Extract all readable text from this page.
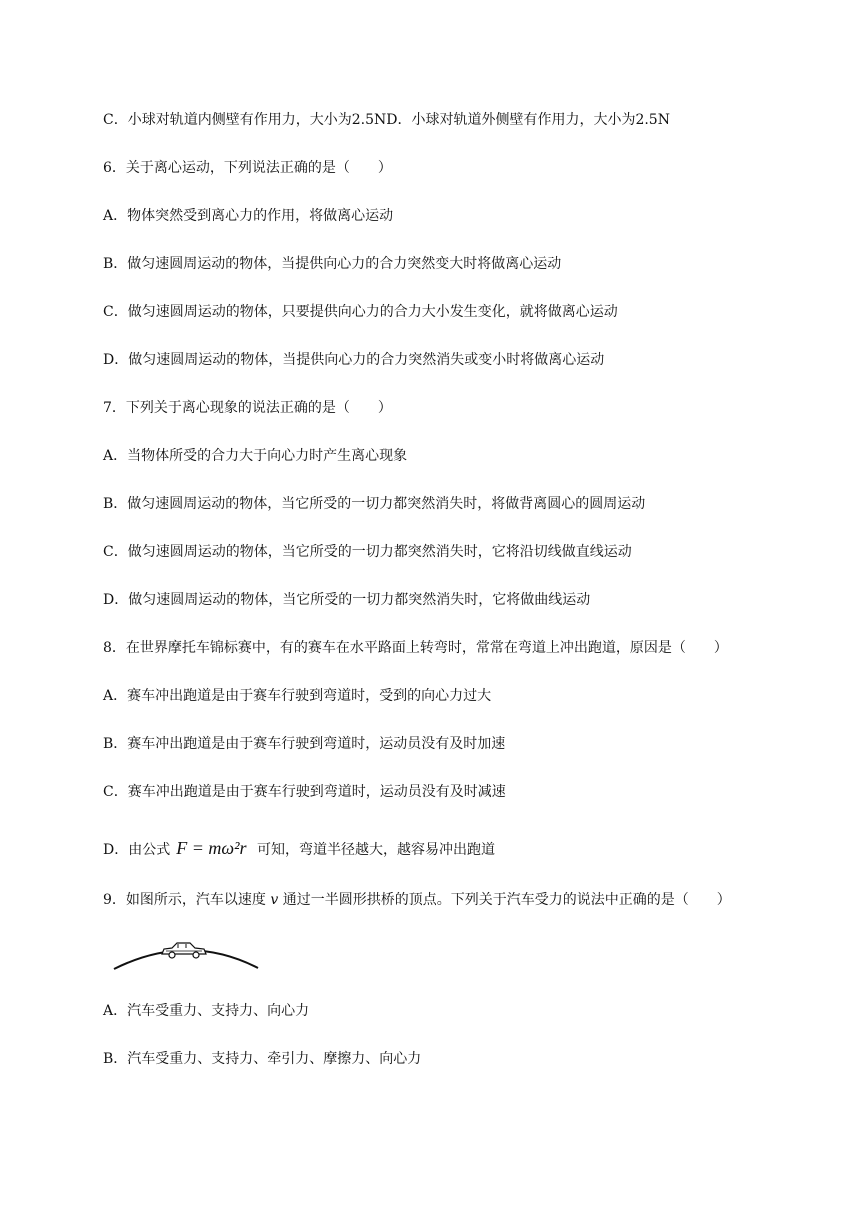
C．小球对轨道内侧壁有作用力，大小为2.5ND．小球对轨道外侧壁有作用力，大小为2.5N
6．关于离心运动，下列说法正确的是（　　）
A．物体突然受到离心力的作用，将做离心运动
B．做匀速圆周运动的物体，当提供向心力的合力突然变大时将做离心运动
C．做匀速圆周运动的物体，只要提供向心力的合力大小发生变化，就将做离心运动
D．做匀速圆周运动的物体，当提供向心力的合力突然消失或变小时将做离心运动
7．下列关于离心现象的说法正确的是（　　）
A．当物体所受的合力大于向心力时产生离心现象
B．做匀速圆周运动的物体，当它所受的一切力都突然消失时，将做背离圆心的圆周运动
C．做匀速圆周运动的物体，当它所受的一切力都突然消失时，它将沿切线做直线运动
D．做匀速圆周运动的物体，当它所受的一切力都突然消失时，它将做曲线运动
8．在世界摩托车锦标赛中，有的赛车在水平路面上转弯时，常常在弯道上冲出跑道，原因是（　　）
A．赛车冲出跑道是由于赛车行驶到弯道时，受到的向心力过大
B．赛车冲出跑道是由于赛车行驶到弯道时，运动员没有及时加速
C．赛车冲出跑道是由于赛车行驶到弯道时，运动员没有及时减速
D．由公式 F = mω²r 可知，弯道半径越大，越容易冲出跑道
9．如图所示，汽车以速度 v 通过一半圆形拱桥的顶点。下列关于汽车受力的说法中正确的是（　　）
A．汽车受重力、支持力、向心力
B．汽车受重力、支持力、牵引力、摩擦力、向心力
